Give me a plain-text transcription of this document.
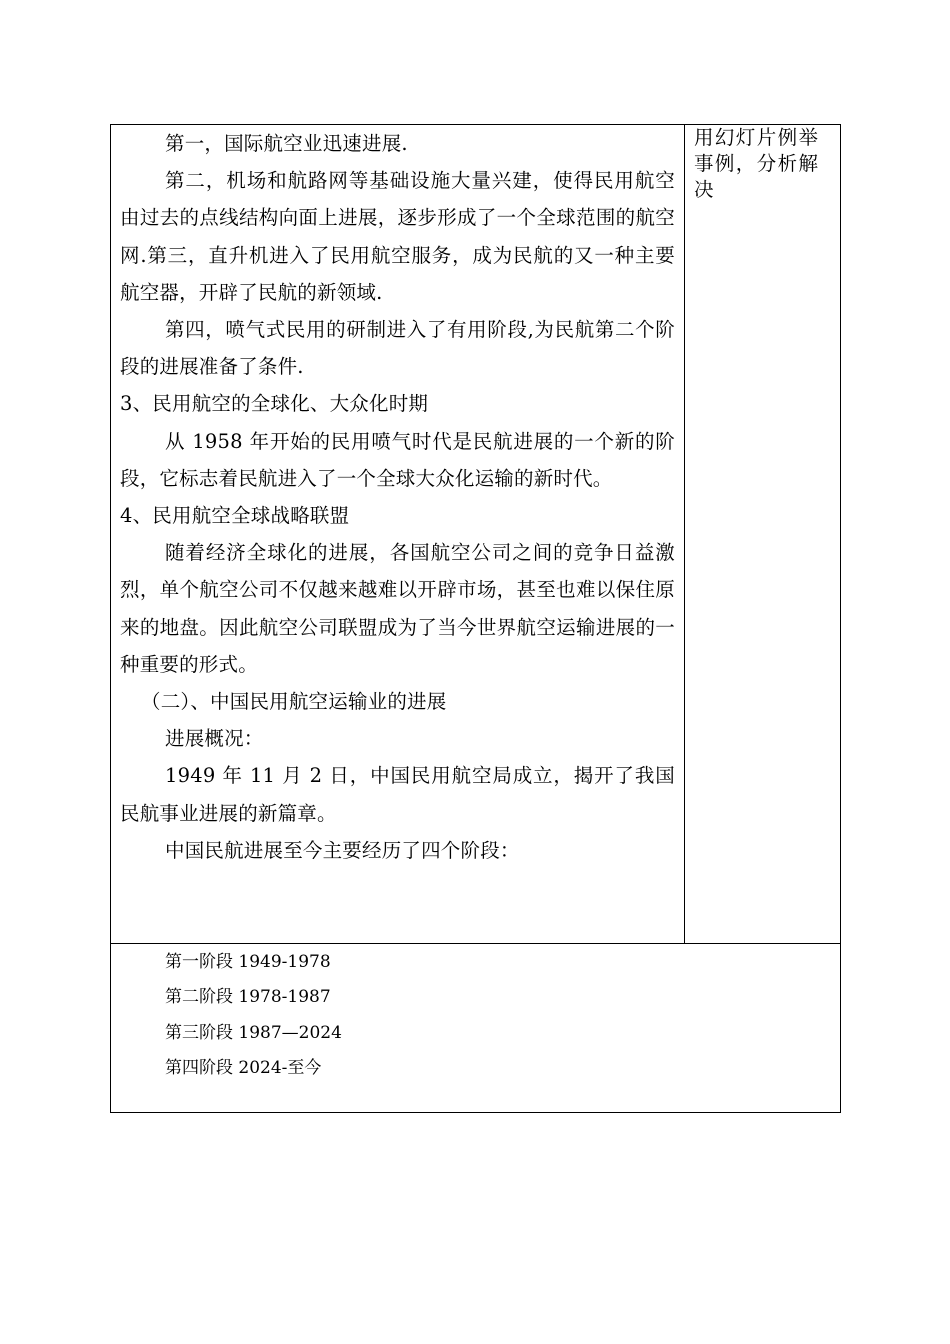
第一，国际航空业迅速进展.

第二，机场和航路网等基础设施大量兴建，使得民用航空由过去的点线结构向面上进展，逐步形成了一个全球范围的航空网.第三，直升机进入了民用航空服务，成为民航的又一种主要航空器，开辟了民航的新领域.

第四，喷气式民用的研制进入了有用阶段,为民航第二个阶段的进展准备了条件.

3、民用航空的全球化、大众化时期

从 1958 年开始的民用喷气时代是民航进展的一个新的阶段，它标志着民航进入了一个全球大众化运输的新时代。

4、民用航空全球战略联盟

随着经济全球化的进展，各国航空公司之间的竞争日益激烈，单个航空公司不仅越来越难以开辟市场，甚至也难以保住原来的地盘。因此航空公司联盟成为了当今世界航空运输进展的一种重要的形式。

（二）、中国民用航空运输业的进展

进展概况：

1949 年 11 月 2 日，中国民用航空局成立，揭开了我国民航事业进展的新篇章。

中国民航进展至今主要经历了四个阶段：

用幻灯片例举事例，分析解决

第一阶段 1949-1978
第二阶段 1978-1987
第三阶段 1987—2024
第四阶段 2024-至今
